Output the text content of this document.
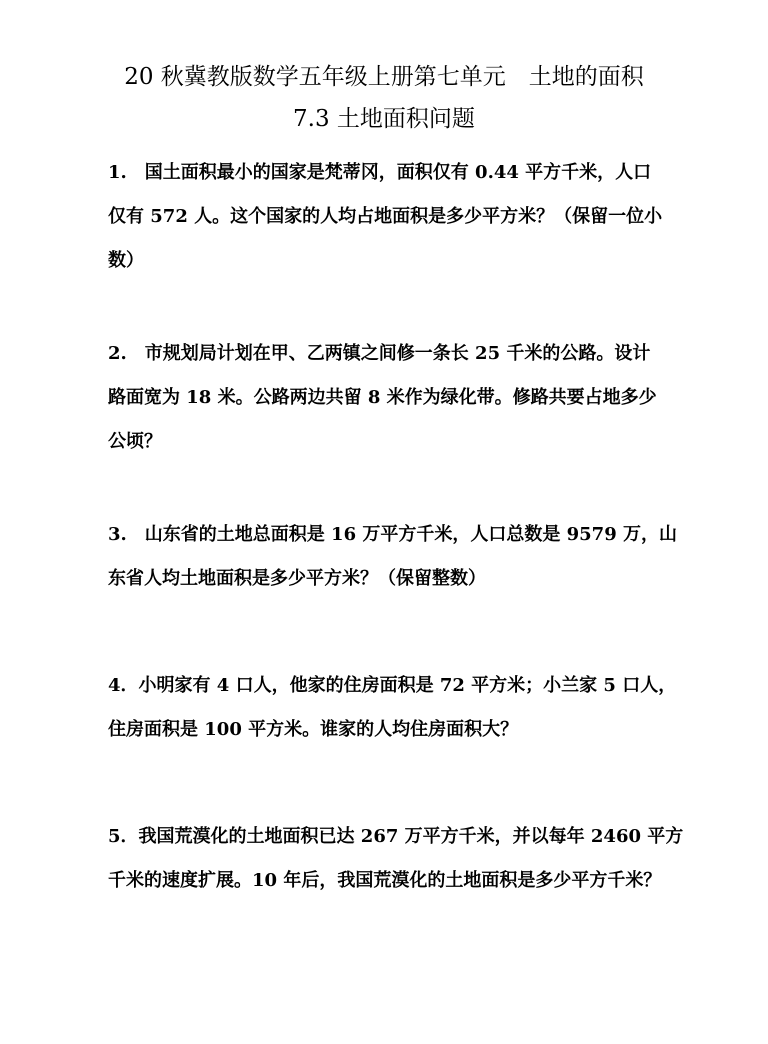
20 秋冀教版数学五年级上册第七单元　土地的面积
7.3 土地面积问题

1.　国土面积最小的国家是梵蒂冈，面积仅有 0.44 平方千米，人口
仅有 572 人。这个国家的人均占地面积是多少平方米？（保留一位小
数）

2.　市规划局计划在甲、乙两镇之间修一条长 25 千米的公路。设计
路面宽为 18 米。公路两边共留 8 米作为绿化带。修路共要占地多少
公顷？

3.　山东省的土地总面积是 16 万平方千米，人口总数是 9579 万，山
东省人均土地面积是多少平方米？（保留整数）

4．小明家有 4 口人，他家的住房面积是 72 平方米；小兰家 5 口人，
住房面积是 100 平方米。谁家的人均住房面积大？

5．我国荒漠化的土地面积已达 267 万平方千米，并以每年 2460 平方
千米的速度扩展。10 年后，我国荒漠化的土地面积是多少平方千米？
